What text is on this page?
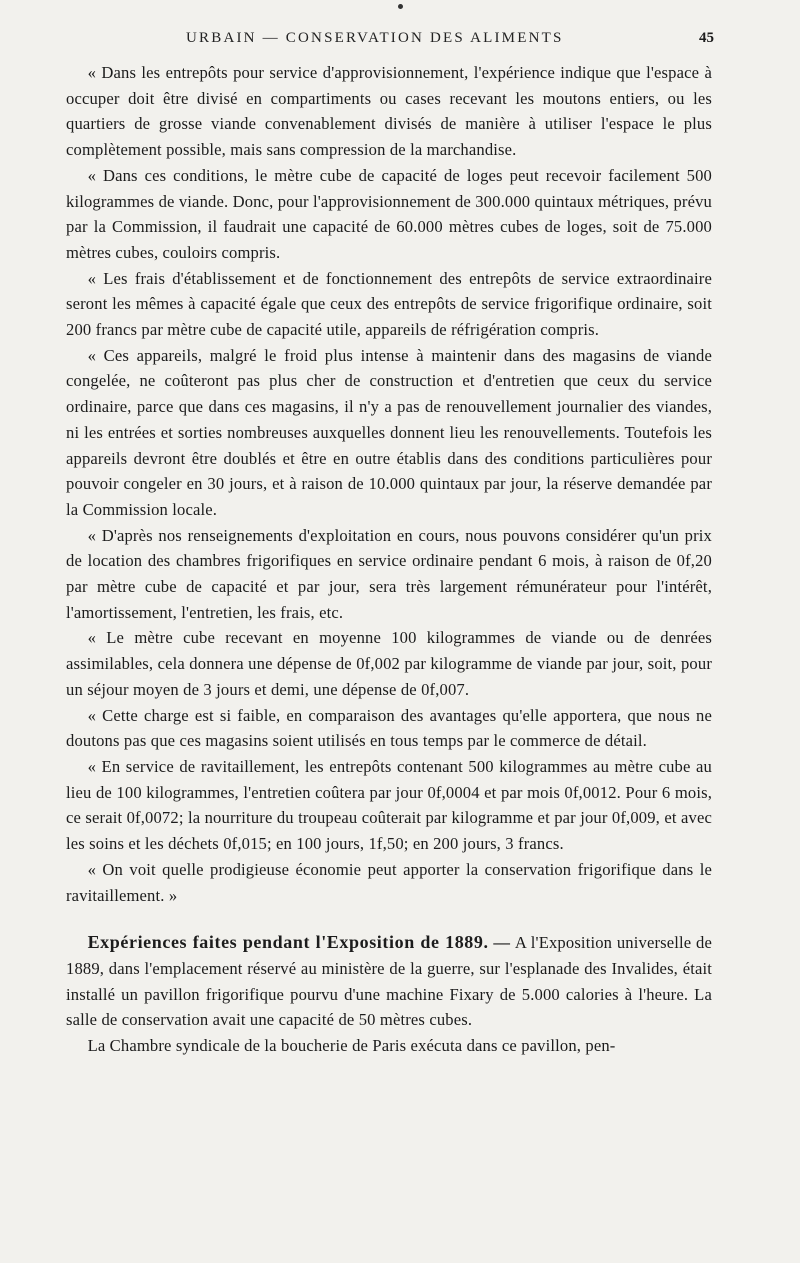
URBAIN — CONSERVATION DES ALIMENTS	45

« Dans les entrepôts pour service d'approvisionnement, l'expérience indique que l'espace à occuper doit être divisé en compartiments ou cases recevant les moutons entiers, ou les quartiers de grosse viande convenablement divisés de manière à utiliser l'espace le plus complètement possible, mais sans compression de la marchandise.

« Dans ces conditions, le mètre cube de capacité de loges peut recevoir facilement 500 kilogrammes de viande. Donc, pour l'approvisionnement de 300.000 quintaux métriques, prévu par la Commission, il faudrait une capacité de 60.000 mètres cubes de loges, soit de 75.000 mètres cubes, couloirs compris.

« Les frais d'établissement et de fonctionnement des entrepôts de service extraordinaire seront les mêmes à capacité égale que ceux des entrepôts de service frigorifique ordinaire, soit 200 francs par mètre cube de capacité utile, appareils de réfrigération compris.

« Ces appareils, malgré le froid plus intense à maintenir dans des magasins de viande congelée, ne coûteront pas plus cher de construction et d'entretien que ceux du service ordinaire, parce que dans ces magasins, il n'y a pas de renouvellement journalier des viandes, ni les entrées et sorties nombreuses auxquelles donnent lieu les renouvellements. Toutefois les appareils devront être doublés et être en outre établis dans des conditions particulières pour pouvoir congeler en 30 jours, et à raison de 10.000 quintaux par jour, la réserve demandée par la Commission locale.

« D'après nos renseignements d'exploitation en cours, nous pouvons considérer qu'un prix de location des chambres frigorifiques en service ordinaire pendant 6 mois, à raison de 0f,20 par mètre cube de capacité et par jour, sera très largement rémunérateur pour l'intérêt, l'amortissement, l'entretien, les frais, etc.

« Le mètre cube recevant en moyenne 100 kilogrammes de viande ou de denrées assimilables, cela donnera une dépense de 0f,002 par kilogramme de viande par jour, soit, pour un séjour moyen de 3 jours et demi, une dépense de 0f,007.

« Cette charge est si faible, en comparaison des avantages qu'elle apportera, que nous ne doutons pas que ces magasins soient utilisés en tous temps par le commerce de détail.

« En service de ravitaillement, les entrepôts contenant 500 kilogrammes au mètre cube au lieu de 100 kilogrammes, l'entretien coûtera par jour 0f,0004 et par mois 0f,0012. Pour 6 mois, ce serait 0f,0072; la nourriture du troupeau coûterait par kilogramme et par jour 0f,009, et avec les soins et les déchets 0f,015; en 100 jours, 1f,50; en 200 jours, 3 francs.

« On voit quelle prodigieuse économie peut apporter la conservation frigorifique dans le ravitaillement. »

Expériences faites pendant l'Exposition de 1889. — A l'Exposition universelle de 1889, dans l'emplacement réservé au ministère de la guerre, sur l'esplanade des Invalides, était installé un pavillon frigorifique pourvu d'une machine Fixary de 5.000 calories à l'heure. La salle de conservation avait une capacité de 50 mètres cubes.
La Chambre syndicale de la boucherie de Paris exécuta dans ce pavillon, pen-
